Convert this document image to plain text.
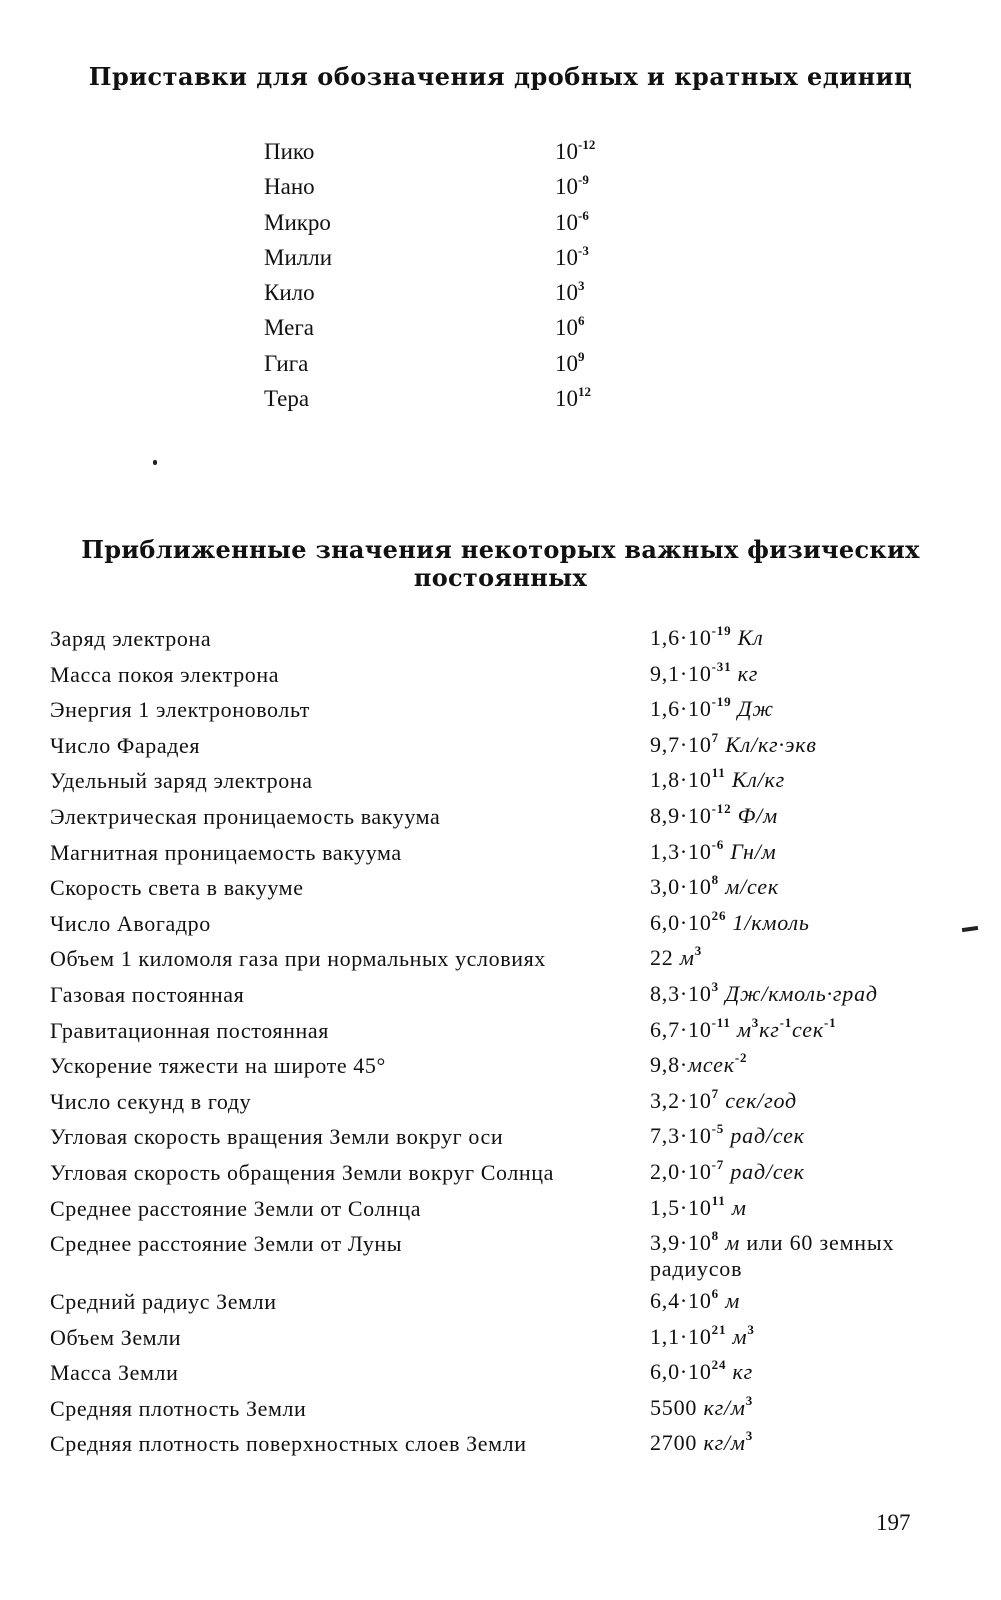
Приставки для обозначения дробных и кратных единиц
Пико	$10^{-12}$
Нано	$10^{-9}$
Микро	$10^{-6}$
Милли	$10^{-3}$
Кило	$10^3$
Мега	$10^6$
Гига	$10^9$
Тера	$10^{12}$
Приближенные значения некоторых важных физических
постоянных
Заряд электрона	$1,6\cdot 10^{-19}$ Кл
Масса покоя электрона	$9,1\cdot 10^{-31}$ кг
Энергия 1 электроновольт	$1,6\cdot 10^{-19}$ Дж
Число Фарадея	$9,7\cdot 10^7$ Кл/кг·экв
Удельный заряд электрона	$1,8\cdot 10^{11}$ Кл/кг
Электрическая проницаемость вакуума	$8,9\cdot 10^{-12}$ Ф/м
Магнитная проницаемость вакуума	$1,3\cdot 10^{-6}$ Гн/м
Скорость света в вакууме	$3,0\cdot 10^8$ м/сек
Число Авогадро	$6,0\cdot 10^{26}$ 1/кмоль
Объем 1 киломоля газа при нормальных условиях	22 $м^3$
Газовая постоянная	$8,3\cdot 10^3$ Дж/кмоль·град
Гравитационная постоянная	$6,7\cdot 10^{-11}$ $м^3кг^{-1}сек^{-1}$
Ускорение тяжести на широте 45°	9,8·мсек$^{-2}$
Число секунд в году	$3,2\cdot 10^7$ сек/год
Угловая скорость вращения Земли вокруг оси	$7,3\cdot 10^{-5}$ рад/сек
Угловая скорость обращения Земли вокруг Солнца	$2,0\cdot 10^{-7}$ рад/сек
Среднее расстояние Земли от Солнца	$1,5\cdot 10^{11}$ м
Среднее расстояние Земли от Луны	$3,9\cdot 10^8$ м или 60 земных радиусов
Средний радиус Земли	$6,4\cdot 10^6$ м
Объем Земли	$1,1\cdot 10^{21}$ $м^3$
Масса Земли	$6,0\cdot 10^{24}$ кг
Средняя плотность Земли	5500 $кг/м^3$
Средняя плотность поверхностных слоев Земли	2700 $кг/м^3$
197
